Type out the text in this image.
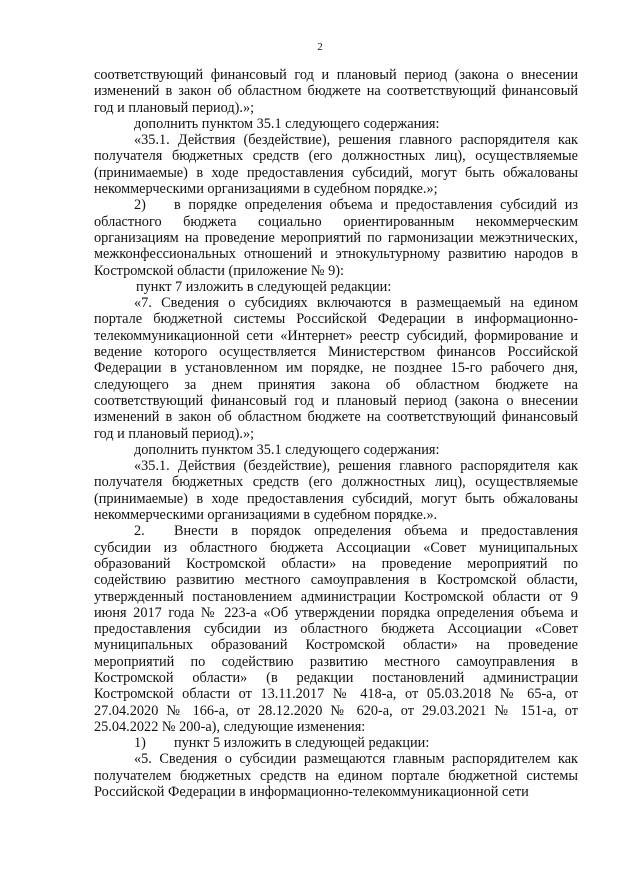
2

соответствующий финансовый год и плановый период (закона о внесении изменений в закон об областном бюджете на соответствующий финансовый год и плановый период).»;

дополнить пунктом 35.1 следующего содержания:

«35.1. Действия (бездействие), решения главного распорядителя как получателя бюджетных средств (его должностных лиц), осуществляемые (принимаемые) в ходе предоставления субсидий, могут быть обжалованы некоммерческими организациями в судебном порядке.»;

2) в порядке определения объема и предоставления субсидий из областного бюджета социально ориентированным некоммерческим организациям на проведение мероприятий по гармонизации межэтнических, межконфессиональных отношений и этнокультурному развитию народов в Костромской области (приложение № 9):

пункт 7 изложить в следующей редакции:

«7. Сведения о субсидиях включаются в размещаемый на едином портале бюджетной системы Российской Федерации в информационно-телекоммуникационной сети «Интернет» реестр субсидий, формирование и ведение которого осуществляется Министерством финансов Российской Федерации в установленном им порядке, не позднее 15-го рабочего дня, следующего за днем принятия закона об областном бюджете на соответствующий финансовый год и плановый период (закона о внесении изменений в закон об областном бюджете на соответствующий финансовый год и плановый период).»;

дополнить пунктом 35.1 следующего содержания:

«35.1. Действия (бездействие), решения главного распорядителя как получателя бюджетных средств (его должностных лиц), осуществляемые (принимаемые) в ходе предоставления субсидий, могут быть обжалованы некоммерческими организациями в судебном порядке.».

2. Внести в порядок определения объема и предоставления субсидии из областного бюджета Ассоциации «Совет муниципальных образований Костромской области» на проведение мероприятий по содействию развитию местного самоуправления в Костромской области, утвержденный постановлением администрации Костромской области от 9 июня 2017 года № 223-а «Об утверждении порядка определения объема и предоставления субсидии из областного бюджета Ассоциации «Совет муниципальных образований Костромской области» на проведение мероприятий по содействию развитию местного самоуправления в Костромской области» (в редакции постановлений администрации Костромской области от 13.11.2017 № 418-а, от 05.03.2018 № 65-а, от 27.04.2020 № 166-а, от 28.12.2020 № 620-а, от 29.03.2021 № 151-а, от 25.04.2022 № 200-а), следующие изменения:

1) пункт 5 изложить в следующей редакции:

«5. Сведения о субсидии размещаются главным распорядителем как получателем бюджетных средств на едином портале бюджетной системы Российской Федерации в информационно-телекоммуникационной сети
